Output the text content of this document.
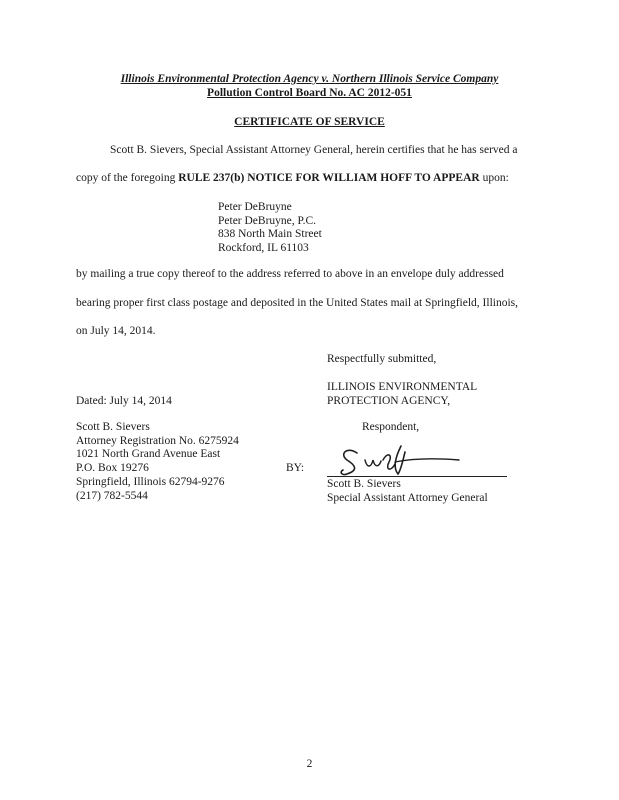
Illinois Environmental Protection Agency v. Northern Illinois Service Company
Pollution Control Board No. AC 2012-051
CERTIFICATE OF SERVICE
Scott B. Sievers, Special Assistant Attorney General, herein certifies that he has served a
copy of the foregoing RULE 237(b) NOTICE FOR WILLIAM HOFF TO APPEAR upon:
Peter DeBruyne
Peter DeBruyne, P.C.
838 North Main Street
Rockford, IL 61103
by mailing a true copy thereof to the address referred to above in an envelope duly addressed
bearing proper first class postage and deposited in the United States mail at Springfield, Illinois,
on July 14, 2014.
Respectfully submitted,
ILLINOIS ENVIRONMENTAL
PROTECTION AGENCY,
Dated: July 14, 2014
Scott B. Sievers
Attorney Registration No. 6275924
1021 North Grand Avenue East
P.O. Box 19276
Springfield, Illinois 62794-9276
(217) 782-5544
Respondent,
BY:
Scott B. Sievers
Special Assistant Attorney General
2
